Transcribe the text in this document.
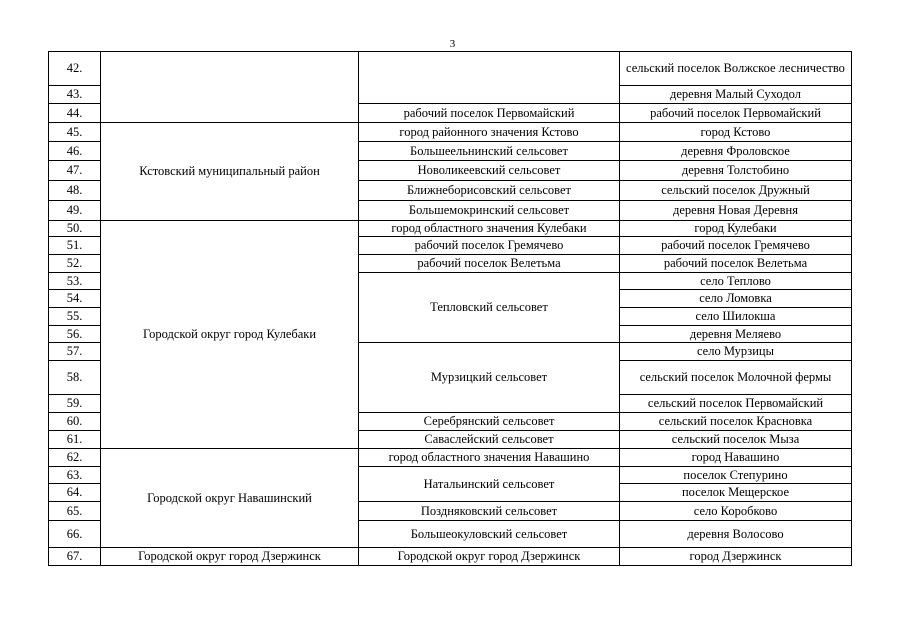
3
42.			сельский поселок Волжское лесничество
43.			деревня Малый Суходол
44.		рабочий поселок Первомайский	рабочий поселок Первомайский
45.	Кстовский муниципальный район	город районного значения Кстово	город Кстово
46.		Большеельнинский сельсовет	деревня Фроловское
47.		Новоликеевский сельсовет	деревня Толстобино
48.		Ближнеборисовский сельсовет	сельский поселок Дружный
49.		Большемокринский сельсовет	деревня Новая Деревня
50.	Городской округ город Кулебаки	город областного значения Кулебаки	город Кулебаки
51.		рабочий поселок Гремячево	рабочий поселок Гремячево
52.		рабочий поселок Велетьма	рабочий поселок Велетьма
53.		Тепловский сельсовет	село Теплово
54.			село Ломовка
55.			село Шилокша
56.			деревня Меляево
57.		Мурзицкий сельсовет	село Мурзицы
58.			сельский поселок Молочной фермы
59.			сельский поселок Первомайский
60.		Серебрянский сельсовет	сельский поселок Красновка
61.		Саваслейский сельсовет	сельский поселок Мыза
62.	Городской округ Навашинский	город областного значения Навашино	город Навашино
63.		Натальинский сельсовет	поселок Степурино
64.			поселок Мещерское
65.		Поздняковский сельсовет	село Коробково
66.		Большеокуловский сельсовет	деревня Волосово
67.	Городской округ город Дзержинск	Городской округ город Дзержинск	город Дзержинск
